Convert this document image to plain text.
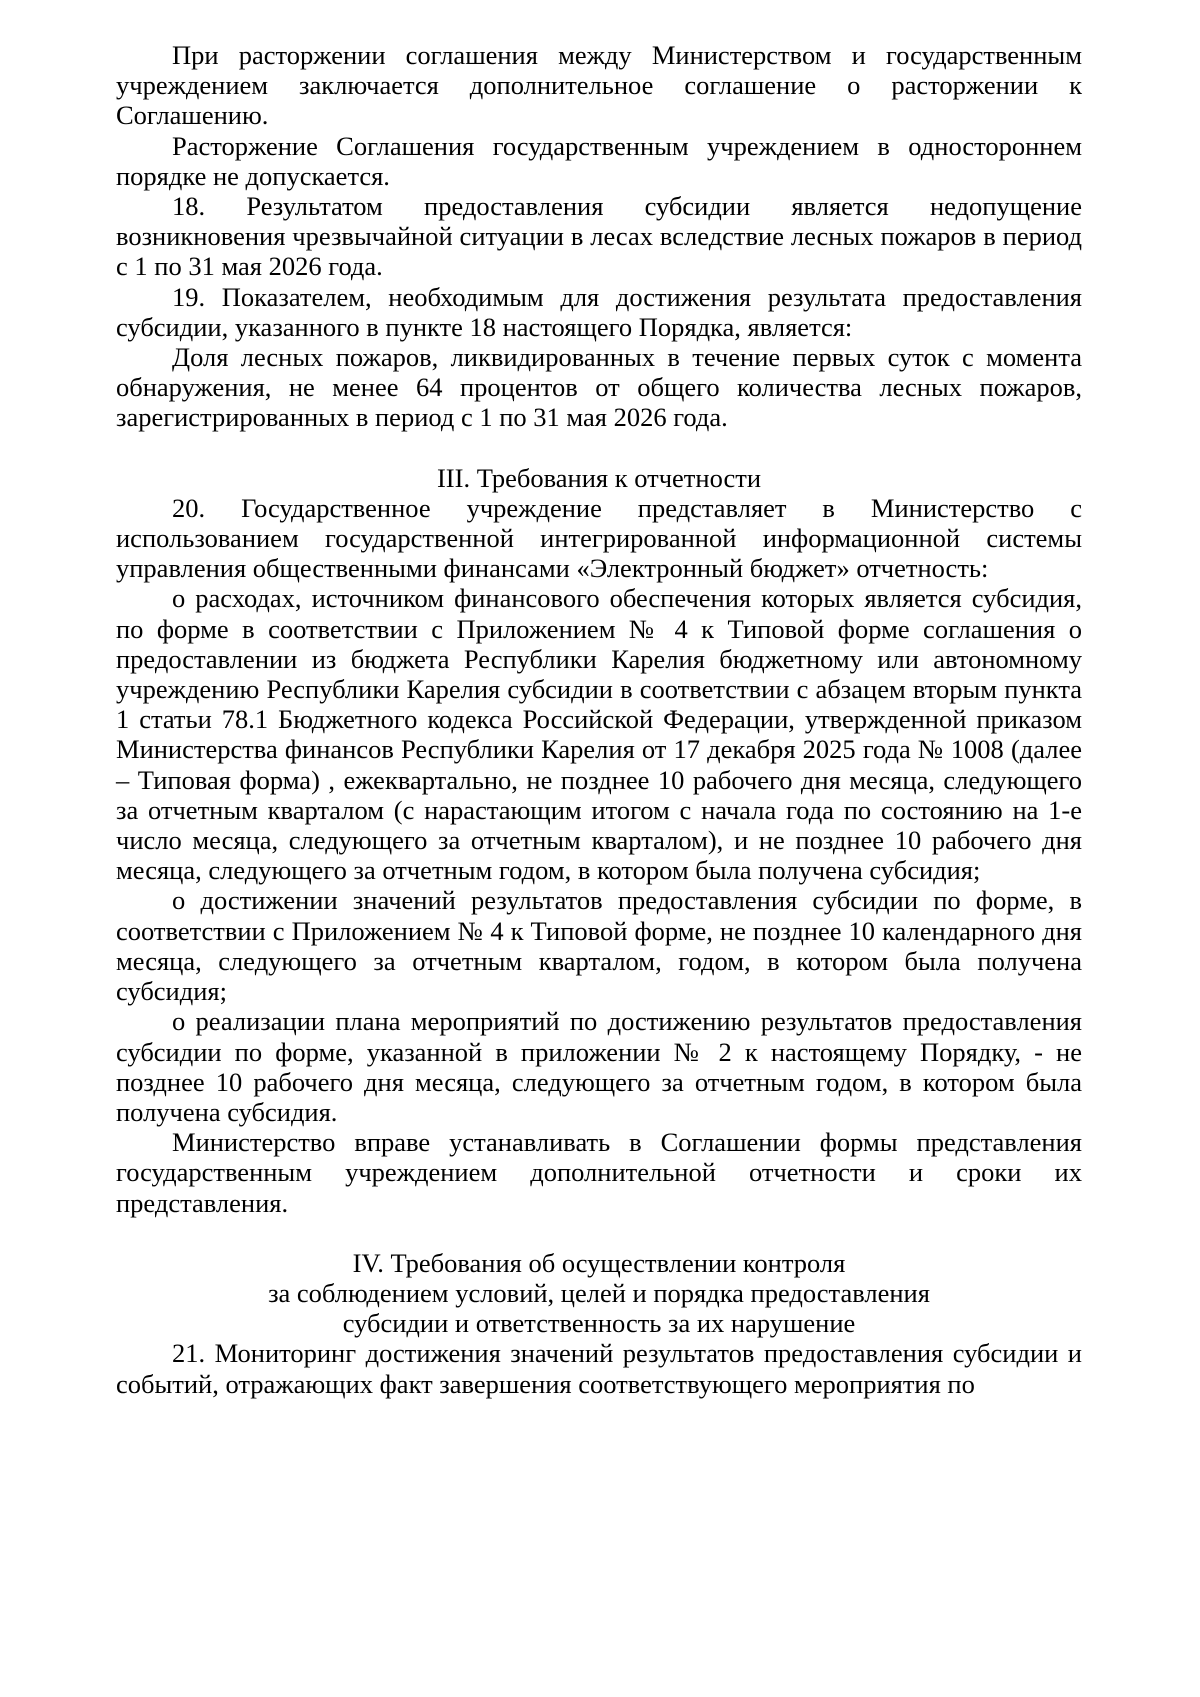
При расторжении соглашения между Министерством и государственным учреждением заключается дополнительное соглашение о расторжении к Соглашению.

Расторжение Соглашения государственным учреждением в одностороннем порядке не допускается.

18. Результатом предоставления субсидии является недопущение возникновения чрезвычайной ситуации в лесах вследствие лесных пожаров в период с 1 по 31 мая 2026 года.

19. Показателем, необходимым для достижения результата предоставления субсидии, указанного в пункте 18 настоящего Порядка, является:

Доля лесных пожаров, ликвидированных в течение первых суток с момента обнаружения, не менее 64 процентов от общего количества лесных пожаров, зарегистрированных в период с 1 по 31 мая 2026 года.

III. Требования к отчетности

20. Государственное учреждение представляет в Министерство с использованием государственной интегрированной информационной системы управления общественными финансами «Электронный бюджет» отчетность:

о расходах, источником финансового обеспечения которых является субсидия, по форме в соответствии с Приложением № 4 к Типовой форме соглашения о предоставлении из бюджета Республики Карелия бюджетному или автономному учреждению Республики Карелия субсидии в соответствии с абзацем вторым пункта 1 статьи 78.1 Бюджетного кодекса Российской Федерации, утвержденной приказом Министерства финансов Республики Карелия от 17 декабря 2025 года № 1008 (далее – Типовая форма) , ежеквартально, не позднее 10 рабочего дня месяца, следующего за отчетным кварталом (с нарастающим итогом с начала года по состоянию на 1-е число месяца, следующего за отчетным кварталом), и не позднее 10 рабочего дня месяца, следующего за отчетным годом, в котором была получена субсидия;

о достижении значений результатов предоставления субсидии по форме, в соответствии с Приложением № 4 к Типовой форме, не позднее 10 календарного дня месяца, следующего за отчетным кварталом, годом, в котором была получена субсидия;

о реализации плана мероприятий по достижению результатов предоставления субсидии по форме, указанной в приложении № 2 к настоящему Порядку, - не позднее 10 рабочего дня месяца, следующего за отчетным годом, в котором была получена субсидия.

Министерство вправе устанавливать в Соглашении формы представления государственным учреждением дополнительной отчетности и сроки их представления.

IV. Требования об осуществлении контроля

за соблюдением условий, целей и порядка предоставления

субсидии и ответственность за их нарушение

21. Мониторинг достижения значений результатов предоставления субсидии и событий, отражающих факт завершения соответствующего мероприятия по
